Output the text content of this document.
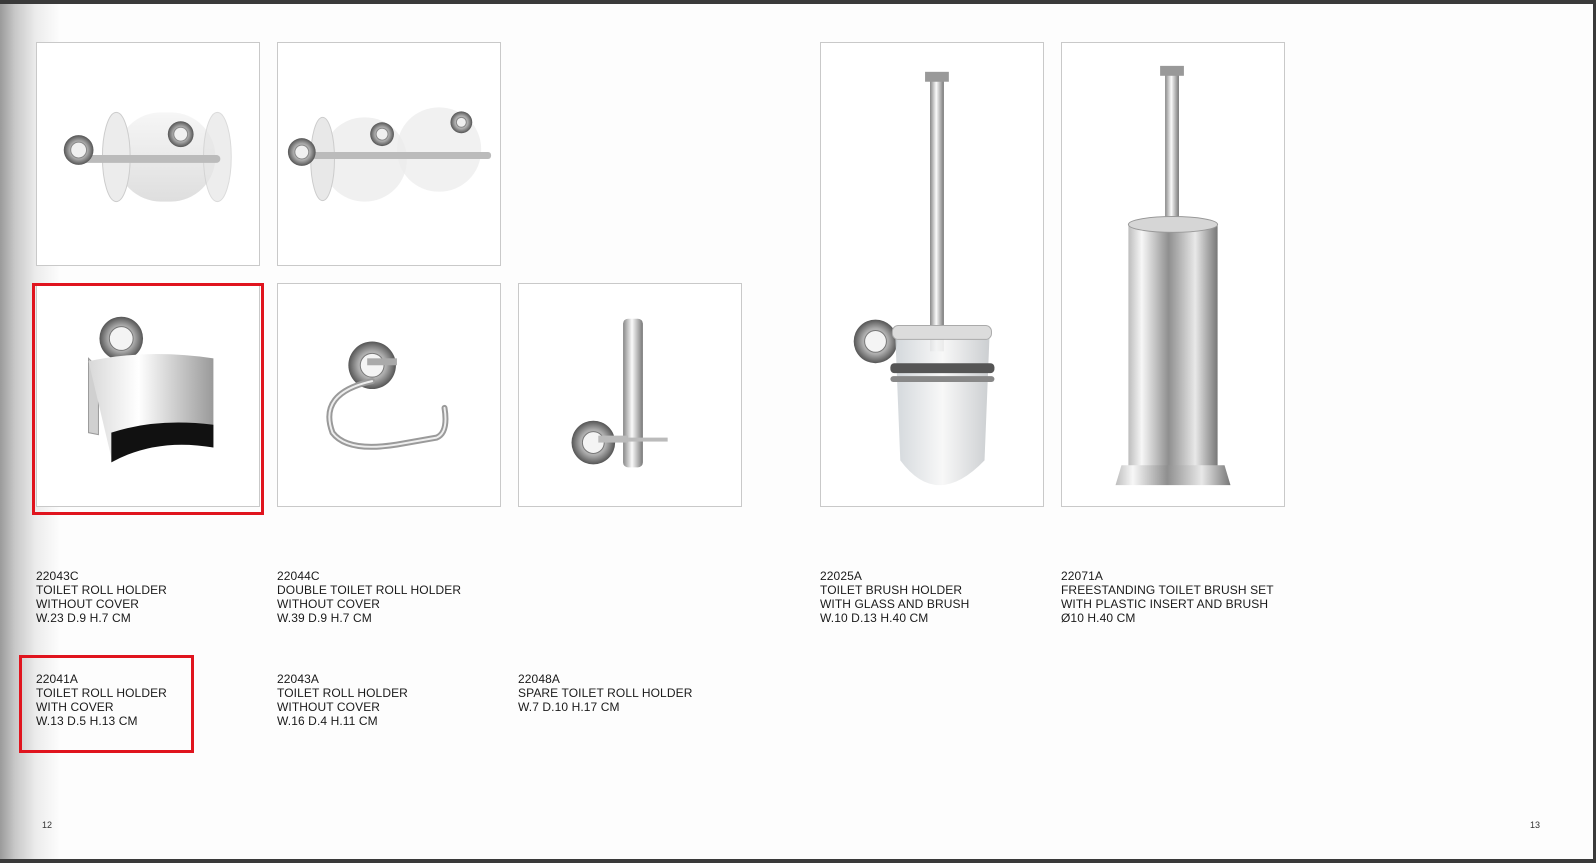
22043C
TOILET ROLL HOLDER
WITHOUT COVER
W.23 D.9 H.7 CM
22044C
DOUBLE TOILET ROLL HOLDER
WITHOUT COVER
W.39 D.9 H.7 CM
22025A
TOILET BRUSH HOLDER
WITH GLASS AND BRUSH
W.10 D.13 H.40 CM
22071A
FREESTANDING TOILET BRUSH SET
WITH PLASTIC INSERT AND BRUSH
Ø10 H.40 CM
22041A
TOILET ROLL HOLDER
WITH COVER
W.13 D.5 H.13 CM
22043A
TOILET ROLL HOLDER
WITHOUT COVER
W.16 D.4 H.11 CM
22048A
SPARE TOILET ROLL HOLDER
W.7 D.10 H.17 CM
12	13
